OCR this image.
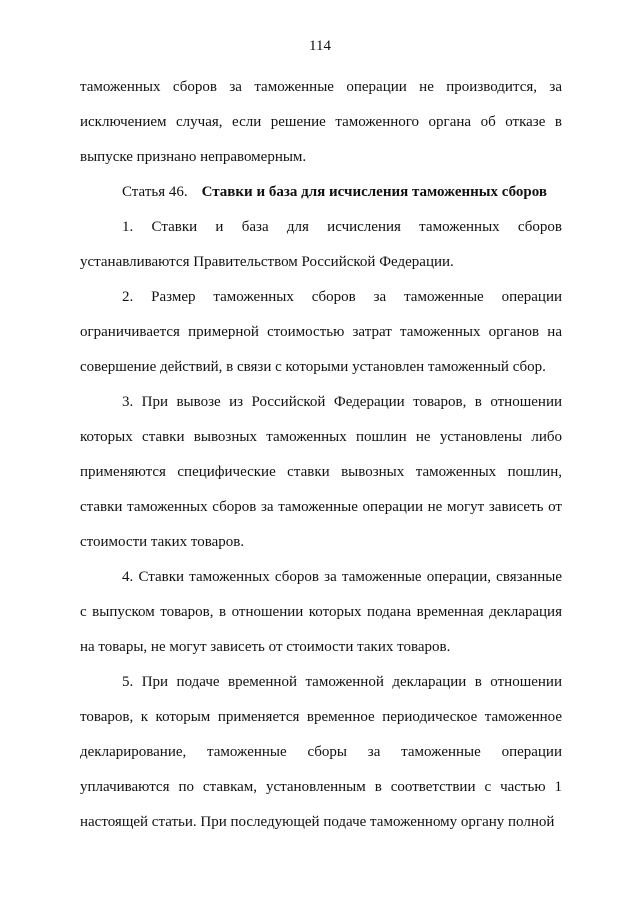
114

таможенных сборов за таможенные операции не производится, за исключением случая, если решение таможенного органа об отказе в выпуске признано неправомерным.

Статья 46. Ставки и база для исчисления таможенных сборов

1. Ставки и база для исчисления таможенных сборов устанавливаются Правительством Российской Федерации.

2. Размер таможенных сборов за таможенные операции ограничивается примерной стоимостью затрат таможенных органов на совершение действий, в связи с которыми установлен таможенный сбор.

3. При вывозе из Российской Федерации товаров, в отношении которых ставки вывозных таможенных пошлин не установлены либо применяются специфические ставки вывозных таможенных пошлин, ставки таможенных сборов за таможенные операции не могут зависеть от стоимости таких товаров.

4. Ставки таможенных сборов за таможенные операции, связанные с выпуском товаров, в отношении которых подана временная декларация на товары, не могут зависеть от стоимости таких товаров.

5. При подаче временной таможенной декларации в отношении товаров, к которым применяется временное периодическое таможенное декларирование, таможенные сборы за таможенные операции уплачиваются по ставкам, установленным в соответствии с частью 1 настоящей статьи. При последующей подаче таможенному органу полной
